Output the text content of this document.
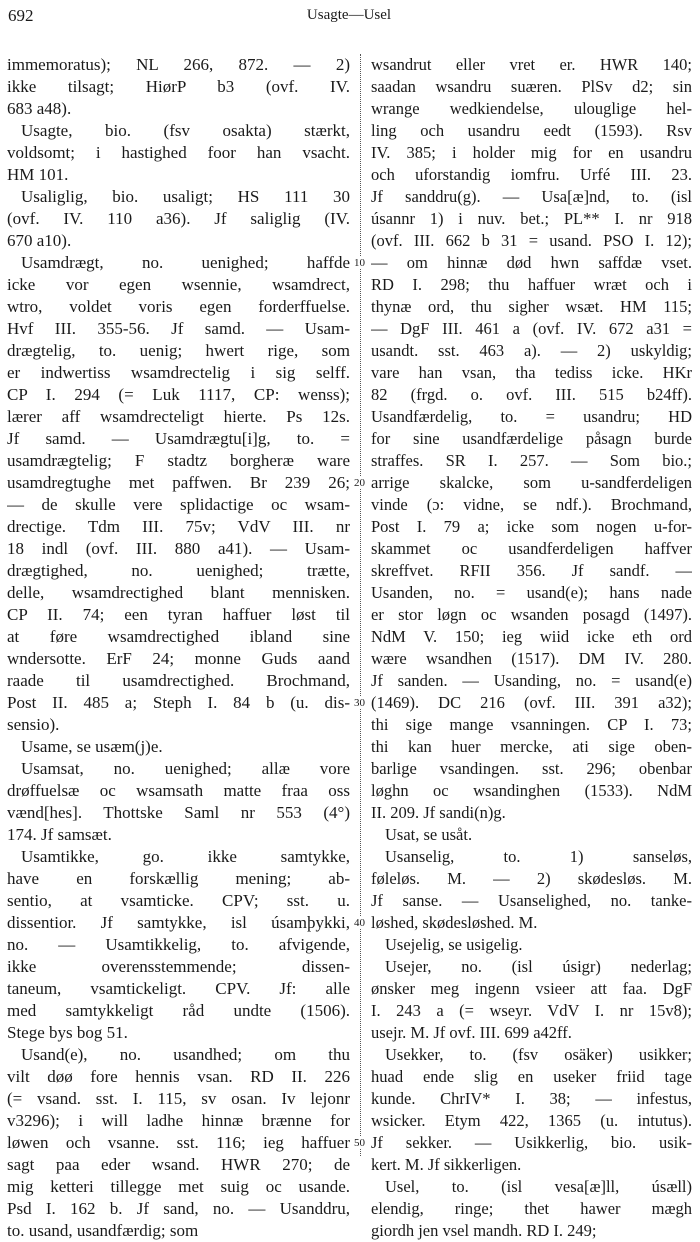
692	Usagte—Usel
immemoratus); NL 266, 872. — 2)
ikke tilsagt; HiørP b3 (ovf. IV.
683 a48).
Usagte, bio. (fsv osakta) stærkt,
voldsomt; i hastighed foor han vsacht.
HM 101.
Usaliglig, bio. usaligt; HS 111 30
(ovf. IV. 110 a36). Jf saliglig (IV.
670 a10).
Usamdrægt, no. uenighed; haffde
icke vor egen wsennie, wsamdrect,
wtro, voldet voris egen forderffuelse.
Hvf III. 355-56. Jf samd. — Usam-
drægtelig, to. uenig; hwert rige, som
er indwertiss wsamdrectelig i sig selff.
CP I. 294 (= Luk 1117, CP: wenss);
lærer aff wsamdrecteligt hierte. Ps 12s.
Jf samd. — Usamdrægtu[i]g, to. =
usamdrægtelig; F stadtz borgheræ ware
usamdregtughe met paffwen. Br 239 26;
— de skulle vere splidactige oc wsam-
drectige. Tdm III. 75v; VdV III. nr
18 indl (ovf. III. 880 a41). — Usam-
drægtighed, no. uenighed; trætte,
delle, wsamdrectighed blant mennisken.
CP II. 74; een tyran haffuer løst til
at føre wsamdrectighed ibland sine
wndersotte. ErF 24; monne Guds aand
raade til usamdrectighed. Brochmand,
Post II. 485 a; Steph I. 84 b (u. dis-
sensio).
Usame, se usæm(j)e.
Usamsat, no. uenighed; allæ vore
drøffuelsæ oc wsamsath matte fraa oss
vænd[hes]. Thottske Saml nr 553 (4°)
174. Jf samsæt.
Usamtikke, go. ikke samtykke,
have en forskællig mening; ab-
sentio, at vsamticke. CPV; sst. u.
dissentior. Jf samtykke, isl úsamþykki,
no. — Usamtikkelig, to. afvigende,
ikke overensstemmende; dissen-
taneum, vsamtickeligt. CPV. Jf: alle
med samtykkeligt råd undte (1506).
Stege bys bog 51.
Usand(e), no. usandhed; om thu
vilt døø fore hennis vsan. RD II. 226
(= vsand. sst. I. 115, sv osan. Iv lejonr
v3296); i will ladhe hinnæ brænne for
løwen och vsanne. sst. 116; ieg haffuer
sagt paa eder wsand. HWR 270; de
mig ketteri tillegge met suig oc usande.
Psd I. 162 b. Jf sand, no. — Usanddru,
to. usand, usandfærdig; som
10
20
30
40
50
wsandrut eller vret er. HWR 140;
saadan wsandru suæren. PlSv d2; sin
wrange wedkiendelse, ulouglige hel-
ling och usandru eedt (1593). Rsv
IV. 385; i holder mig for en usandru
och uforstandig iomfru. Urfé III. 23.
Jf sanddru(g). — Usa[æ]nd, to. (isl
úsannr 1) i nuv. bet.; PL** I. nr 918
(ovf. III. 662 b 31 = usand. PSO I. 12);
— om hinnæ død hwn saffdæ vset.
RD I. 298; thu haffuer wræt och i
thynæ ord, thu sigher wsæt. HM 115;
— DgF III. 461 a (ovf. IV. 672 a31 =
usandt. sst. 463 a). — 2) uskyldig;
vare han vsan, tha tediss icke. HKr
82 (frgd. o. ovf. III. 515 b24ff).
Usandfærdelig, to. = usandru; HD
for sine usandfærdelige påsagn burde
straffes. SR I. 257. — Som bio.;
arrige skalcke, som u-sandferdeligen
vinde (ɔ: vidne, se ndf.). Brochmand,
Post I. 79 a; icke som nogen u-for-
skammet oc usandferdeligen haffver
skreffvet. RFII 356. Jf sandf. —
Usanden, no. = usand(e); hans nade
er stor løgn oc wsanden posagd (1497).
NdM V. 150; ieg wiid icke eth ord
wære wsandhen (1517). DM IV. 280.
Jf sanden. — Usanding, no. = usand(e)
(1469). DC 216 (ovf. III. 391 a32);
thi sige mange vsanningen. CP I. 73;
thi kan huer mercke, ati sige oben-
barlige vsandingen. sst. 296; obenbar
løghn oc wsandinghen (1533). NdM
II. 209. Jf sandi(n)g.
Usat, se usåt.
Usanselig, to. 1) sanseløs,
føleløs. M. — 2) skødesløs. M.
Jf sanse. — Usanselighed, no. tanke-
løshed, skødesløshed. M.
Usejelig, se usigelig.
Usejer, no. (isl úsigr) nederlag;
ønsker meg ingenn vsieer att faa. DgF
I. 243 a (= wseyr. VdV I. nr 15v8);
usejr. M. Jf ovf. III. 699 a42ff.
Usekker, to. (fsv osäker) usikker;
huad ende slig en useker friid tage
kunde. ChrIV* I. 38; — infestus,
wsicker. Etym 422, 1365 (u. intutus).
Jf sekker. — Usikkerlig, bio. usik-
kert. M. Jf sikkerligen.
Usel, to. (isl vesa[æ]ll, úsæll)
elendig, ringe; thet hawer mægh
giordh jen vsel mandh. RD I. 249;
